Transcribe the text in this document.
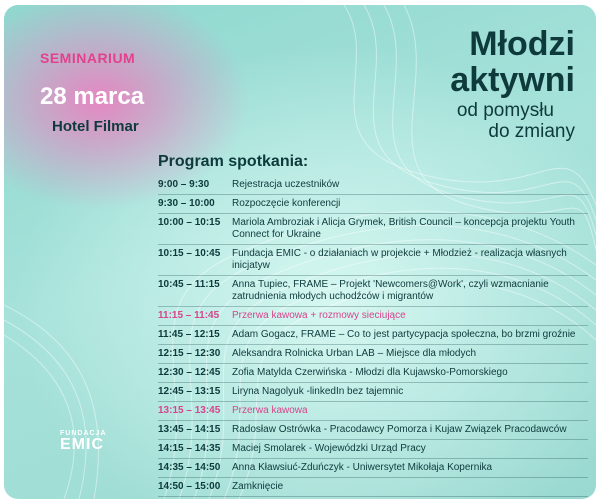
SEMINARIUM
28 marca
Hotel Filmar
Młodzi
aktywni
od pomysłu
do zmiany
Program spotkania:
9:00 – 9:30	Rejestracja uczestników
9:30 – 10:00	Rozpoczęcie konferencji
10:00 – 10:15	Mariola Ambroziak i Alicja Grymek, British Council – koncepcja projektu Youth Connect for Ukraine
10:15 – 10:45	Fundacja EMIC - o działaniach w projekcie + Młodzież - realizacja własnych inicjatyw
10:45 – 11:15	Anna Tupiec, FRAME – Projekt 'Newcomers@Work', czyli wzmacnianie zatrudnienia młodych uchodźców i migrantów
11:15 – 11:45	Przerwa kawowa + rozmowy sieciujące
11:45 – 12:15	Adam Gogacz, FRAME – Co to jest partycypacja społeczna, bo brzmi groźnie
12:15 – 12:30	Aleksandra Rolnicka Urban LAB – Miejsce dla młodych
12:30 – 12:45	Zofia Matylda Czerwińska - Młodzi dla Kujawsko-Pomorskiego
12:45 – 13:15	Liryna Nagolyuk -linkedIn bez tajemnic
13:15 – 13:45	Przerwa kawowa
13:45 – 14:15	Radosław Ostrówka - Pracodawcy Pomorza i Kujaw Związek Pracodawców
14:15 – 14:35	Maciej Smolarek - Wojewódzki Urząd Pracy
14:35 – 14:50	Anna Kławsiuć-Zduńczyk - Uniwersytet Mikołaja Kopernika
14:50 – 15:00	Zamknięcie
FUNDACJA
EMIC
